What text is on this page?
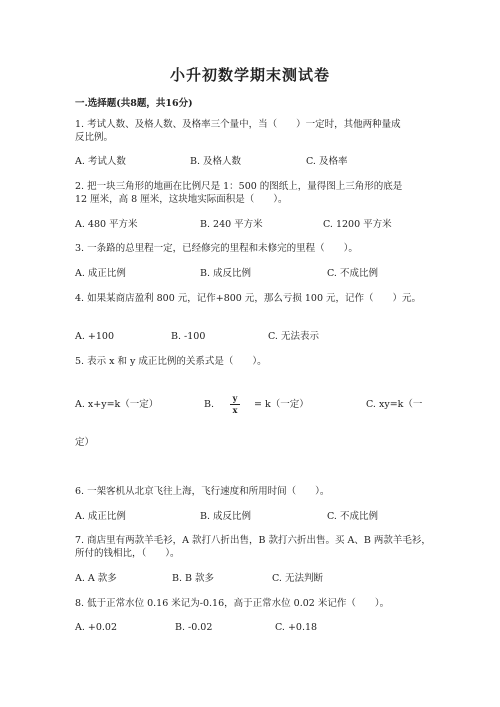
小升初数学期末测试卷
一.选择题(共8题，共16分)
1. 考试人数、及格人数、及格率三个量中，当（　　）一定时，其他两种量成
反比例。
A. 考试人数	B. 及格人数	C. 及格率
2. 把一块三角形的地画在比例尺是 1：500 的图纸上，量得图上三角形的底是
12 厘米，高 8 厘米，这块地实际面积是（　　）。
A. 480 平方米	B. 240 平方米	C. 1200 平方米
3. 一条路的总里程一定，已经修完的里程和未修完的里程（　　）。
A. 成正比例	B. 成反比例	C. 不成比例
4. 如果某商店盈利 800 元，记作+800 元，那么亏损 100 元，记作（　　）元。
A. +100	B. -100	C. 无法表示
5. 表示 x 和 y 成正比例的关系式是（　　）。
A. x+y=k（一定）	B.
y
x = k（一定）	C. xy=k（一
定）
6. 一架客机从北京飞往上海，飞行速度和所用时间（　　）。
A. 成正比例	B. 成反比例	C. 不成比例
7. 商店里有两款羊毛衫，A 款打八折出售，B 款打六折出售。买 A、B 两款羊毛衫，
所付的钱相比，（　　）。
A. A 款多	B. B 款多	C. 无法判断
8. 低于正常水位 0.16 米记为-0.16，高于正常水位 0.02 米记作（　　）。
A. +0.02	B. -0.02	C. +0.18
